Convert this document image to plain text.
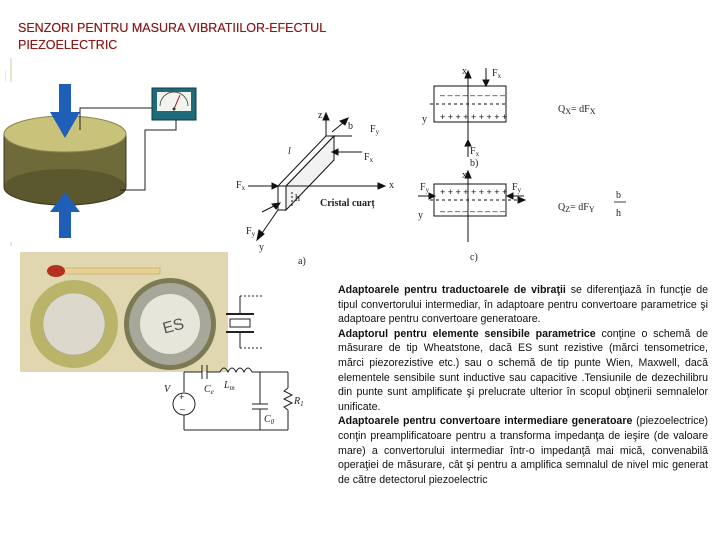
SENZORI PENTRU MASURA VIBRATIILOR-EFECTUL PIEZOELECTRIC
z
b $F_y$
$F_x$
l
h
x
$F_x$
Cristal cuarț
$F_y$
y
a)
– – – – – – – – –
+ + + + + + + + +
x	$F_x$
y
$F_x$
b)
$Q_X= dF_X$
+ + + + + + + + +
– – – – – – – – –
$F_y$	$F_y$
x
y
c)
$Q_Z= dF_Y$
b
h
ES
+
–
V	$C_e$
$L_m$
$C_0$
$R_1$

Adaptoarele pentru traductoarele de vibraţii se diferenţiază în funcţie de tipul convertorului intermediar, în adaptoare pentru convertoare parametrice şi adaptoare pentru convertoare generatoare.

Adaptorul pentru elemente sensibile parametrice conţine o schemă de măsurare de tip Wheatstone, dacă ES sunt rezistive (mărci tensometrice, mărci piezorezistive etc.) sau o schemă de tip punte Wien, Maxwell, dacă elementele sensibile sunt inductive sau capacitive .Tensiunile de dezechilibru din punte sunt amplificate şi prelucrate ulterior în scopul obţinerii semnalelor unificate.

Adaptoarele pentru convertoare intermediare generatoare (piezoelectrice) conţin preamplificatoare pentru a transforma impedanţa de ieşire (de valoare mare) a convertorului intermediar într-o impedanţă mai mică, convenabilă operaţiei de măsurare, cât şi pentru a amplifica semnalul de nivel mic generat de către detectorul piezoelectric
